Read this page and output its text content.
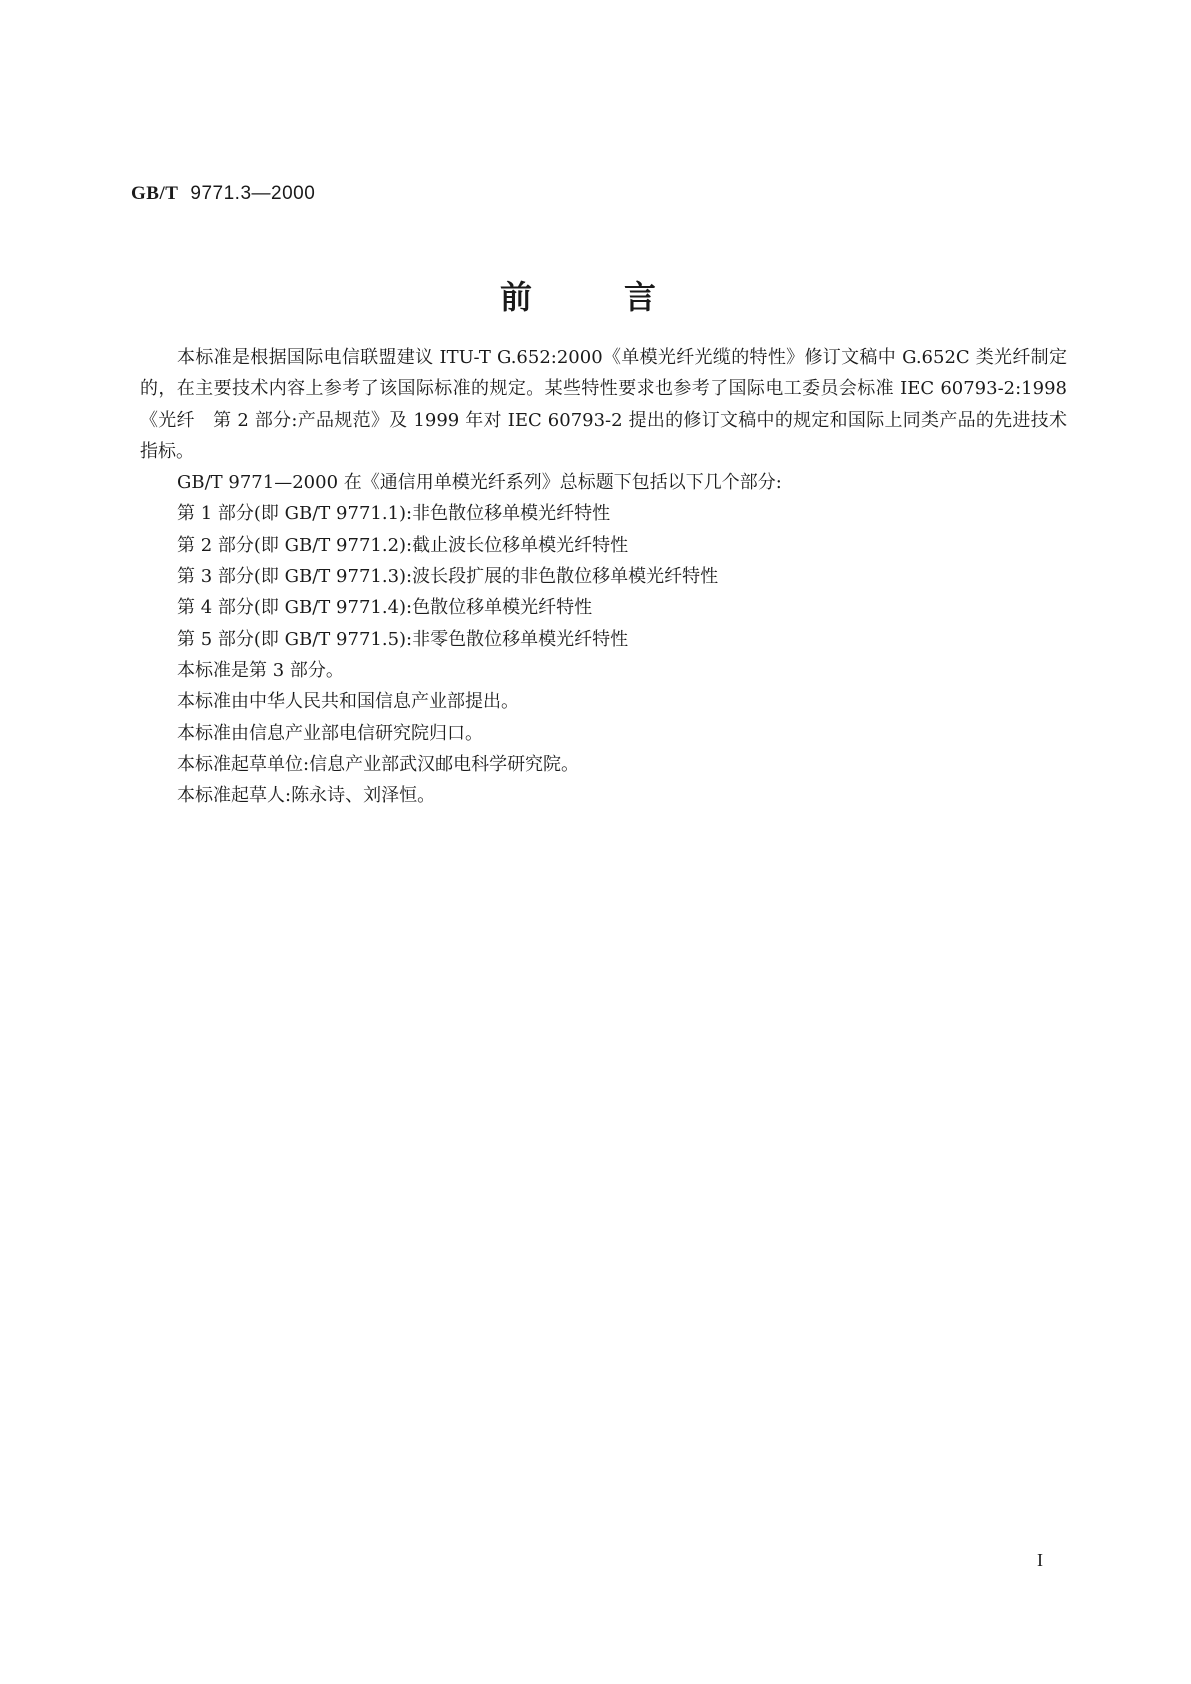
GB/T 9771.3—2000
前言

本标准是根据国际电信联盟建议 ITU-T G.652:2000《单模光纤光缆的特性》修订文稿中 G.652C 类光纤制定的，在主要技术内容上参考了该国际标准的规定。某些特性要求也参考了国际电工委员会标准 IEC 60793-2:1998《光纤　第 2 部分:产品规范》及 1999 年对 IEC 60793-2 提出的修订文稿中的规定和国际上同类产品的先进技术指标。

GB/T 9771—2000 在《通信用单模光纤系列》总标题下包括以下几个部分:

第 1 部分(即 GB/T 9771.1):非色散位移单模光纤特性

第 2 部分(即 GB/T 9771.2):截止波长位移单模光纤特性

第 3 部分(即 GB/T 9771.3):波长段扩展的非色散位移单模光纤特性

第 4 部分(即 GB/T 9771.4):色散位移单模光纤特性

第 5 部分(即 GB/T 9771.5):非零色散位移单模光纤特性

本标准是第 3 部分。

本标准由中华人民共和国信息产业部提出。

本标准由信息产业部电信研究院归口。

本标准起草单位:信息产业部武汉邮电科学研究院。

本标准起草人:陈永诗、刘泽恒。

I
